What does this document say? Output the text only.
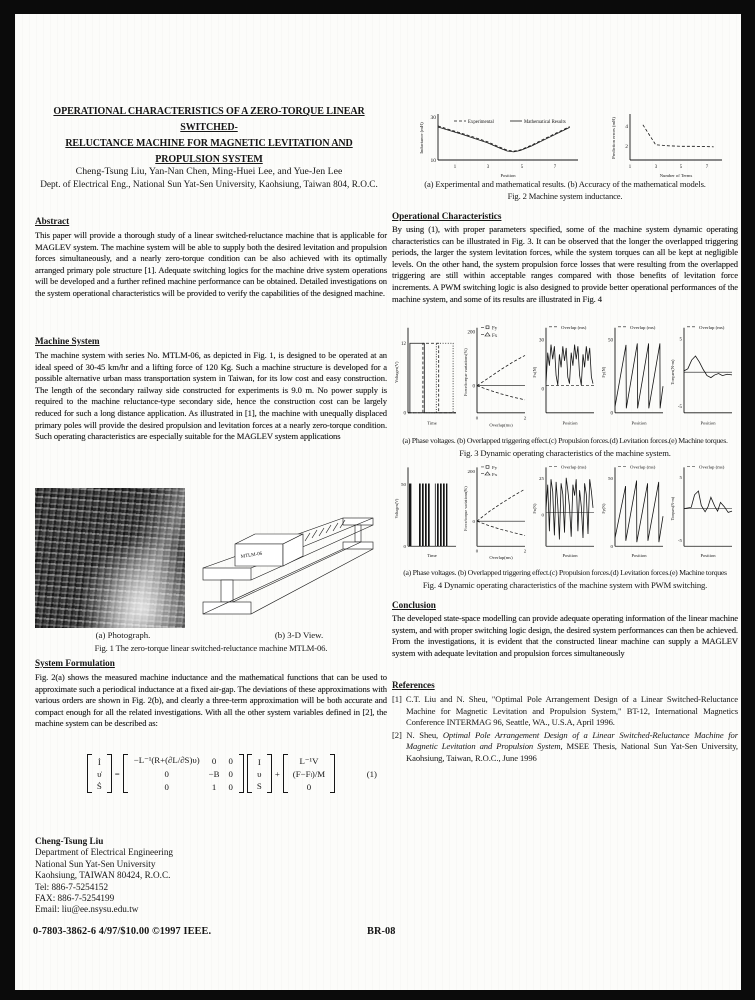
OPERATIONAL CHARACTERISTICS OF A ZERO-TORQUE LINEAR SWITCHED-
RELUCTANCE MACHINE FOR MAGNETIC LEVITATION AND PROPULSION SYSTEM
Cheng-Tsung Liu, Yan-Nan Chen, Ming-Huei Lee, and Yue-Jen Lee
Dept. of Electrical Eng., National Sun Yat-Sen University, Kaohsiung, Taiwan 804, R.O.C.
Abstract
This paper will provide a thorough study of a linear switched-reluctance machine that is applicable for MAGLEV system. The machine system will be able to supply both the desired levitation and propulsion forces simultaneously, and a nearly zero-torque condition can be also achieved with its optimally arranged primary pole structure [1]. Adequate switching logics for the machine drive system operations will be developed and a further refined machine performance can be obtained. Detailed investigations on the system operational characteristics will be provided to verify the capabilities of the designed machine.
Machine System
The machine system with series No. MTLM-06, as depicted in Fig. 1, is designed to be operated at an ideal speed of 30-45 km/hr and a lifting force of 120 Kg. Such a machine structure is developed for a possible alternative urban mass transportation system in Taiwan, for its low cost and easy construction. The length of the secondary railway side constructed for experiments is 9.0 m. No power supply is required to the machine reluctance-type secondary side, hence the construction cost can be largely reduced for such a long distance application. As illustrated in [1], the machine with unequally displaced primary poles will provide the desired propulsion and levitation forces at a nearly zero-torque condition. Such operating characteristics are especially suitable for the MAGLEV system applications
MTLM-06
(a) Photograph.	(b) 3-D View.
Fig. 1 The zero-torque linear switched-reluctance machine MTLM-06.
System Formulation
Fig. 2(a) shows the measured machine inductance and the mathematical functions that can be used to approximate such a periodical inductance at a fixed air-gap. The deviations of these approximations with various orders are shown in Fig. 2(b), and clearly a three-term approximation will be both accurate and compact enough for all the related investigations. With all the other system variables defined in [2], the machine system can be described as:
İ
υ̇
Ṡ
=
−L⁻¹(R+(∂L/∂S)υ) 0 0
0	−B 0
0	1 0
I
υ
S
+
L⁻¹V
(F−Fₗ)/M
0
(1)
Cheng-Tsung Liu
Department of Electrical Engineering
National Sun Yat-Sen University
Kaohsiung, TAIWAN 80424, R.O.C.
Tel: 886-7-5254152
FAX: 886-7-5254199
Email: liu@ee.nsysu.edu.tw
0-7803-3862-6 4/97/$10.00 ©1997 IEEE.	BR-08
30
10
Inductance (mH)	Experimental	Mathematical Results
1	3	5	7
Position
4
2
Prediction errors (mH)
1	3	5	7
Number of Terms
(a) Experimental and mathematical results. (b) Accuracy of the mathematical models.
Fig. 2 Machine system inductance.
Operational Characteristics
By using (1), with proper parameters specified, some of the machine system dynamic operating characteristics can be illustrated in Fig. 3. It can be observed that the longer the overlapped triggering periods, the larger the system levitation forces, while the system torques can all be kept at negligible levels. On the other hand, the system propulsion force losses that were resulting from the overlapped triggering are still within acceptable ranges compared with those benefits of levitation force increments. A PWM switching logic is also designed to provide better operational performances of the machine system, and some of its results are illustrated in Fig. 4
12
0
Voltages(V)
Time
200
0
Fy
Fx
Force/torque variations(%)
0	2
Overlap(ms)
Overlap (ms)
30
0
Fx(N)
Position
Overlap (ms)
50
0
Fy(N)
Position
Overlap (ms)
5
-5
Torques(N-m)
Position
(a) Phase voltages. (b) Overlapped triggering effect.(c) Propulsion forces.(d) Levitation forces.(e) Machine torques.
Fig. 3 Dynamic operating characteristics of the machine system.
50
0
Voltages(V)
Time
200
0
Fy
Fx
Force/torque variations(%)
0	2
Overlap(ms)
Overlap (ms)
25
0
Fx(N)
Position
Overlap (ms)
50
0
Fy(N)
Position
Overlap (ms)
5
-5
Torques(N-m)
Position
(a) Phase voltages. (b) Overlapped triggering effect.(c) Propulsion forces.(d) Levitation forces.(e) Machine torques
Fig. 4 Dynamic operating characteristics of the machine system with PWM switching.
Conclusion
The developed state-space modelling can provide adequate operating information of the linear machine system, and with proper switching logic design, the desired system performances can then be achieved. From the investigations, it is evident that the constructed linear machine can supply a MAGLEV system with adequate levitation and propulsion forces simultaneously
References

[1] C.T. Liu and N. Sheu, "Optimal Pole Arrangement Design of a Linear Switched-Reluctance Machine for Magnetic Levitation and Propulsion System," BT-12, International Magnetics Conference INTERMAG 96, Seattle, WA., U.S.A, April 1996.

[2] N. Sheu, Optimal Pole Arrangement Design of a Linear Switched-Reluctance Machine for Magnetic Levitation and Propulsion System, MSEE Thesis, National Sun Yat-Sen University, Kaohsiung, Taiwan, R.O.C., June 1996
